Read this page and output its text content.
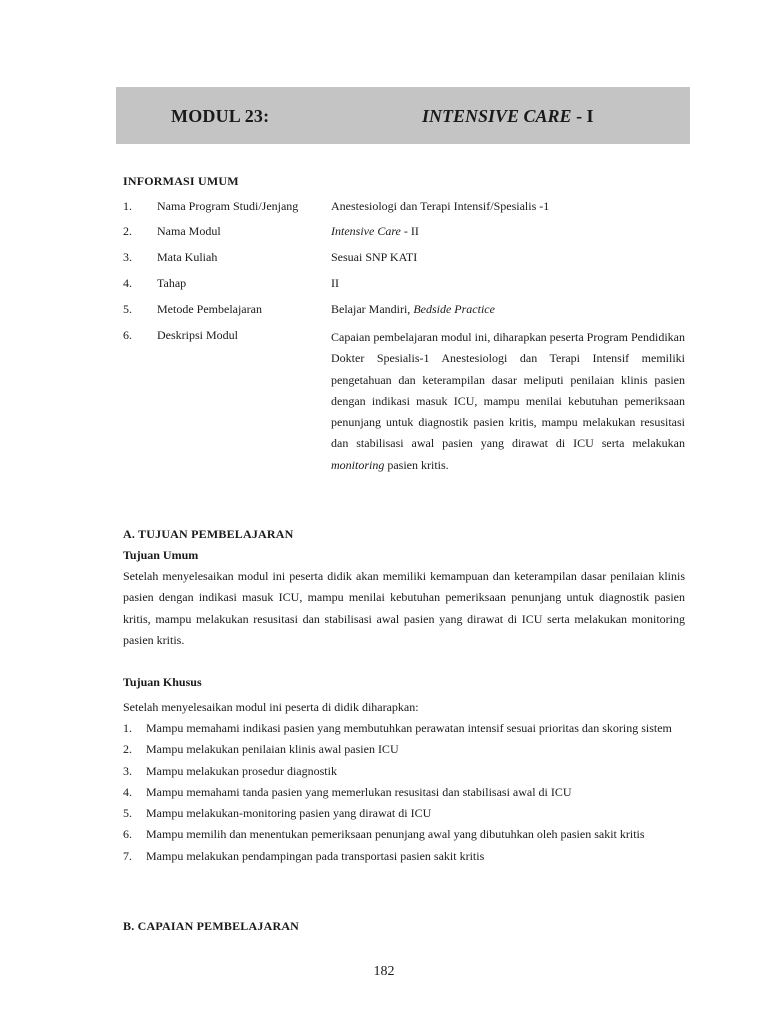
MODUL 23:	INTENSIVE CARE - I
INFORMASI UMUM
1. Nama Program Studi/Jenjang	Anestesiologi dan Terapi Intensif/Spesialis -1
2. Nama Modul	Intensive Care - II
3. Mata Kuliah	Sesuai SNP KATI
4. Tahap	II
5. Metode Pembelajaran	Belajar Mandiri, Bedside Practice
6. Deskripsi Modul	Capaian pembelajaran modul ini, diharapkan peserta Program Pendidikan Dokter Spesialis-1 Anestesiologi dan Terapi Intensif memiliki pengetahuan dan keterampilan dasar meliputi penilaian klinis pasien dengan indikasi masuk ICU, mampu menilai kebutuhan pemeriksaan penunjang untuk diagnostik pasien kritis, mampu melakukan resusitasi dan stabilisasi awal pasien yang dirawat di ICU serta melakukan monitoring pasien kritis.
A. TUJUAN PEMBELAJARAN
Tujuan Umum
Setelah menyelesaikan modul ini peserta didik akan memiliki kemampuan dan keterampilan dasar penilaian klinis pasien dengan indikasi masuk ICU, mampu menilai kebutuhan pemeriksaan penunjang untuk diagnostik pasien kritis, mampu melakukan resusitasi dan stabilisasi awal pasien yang dirawat di ICU serta melakukan monitoring pasien kritis.
Tujuan Khusus
Setelah menyelesaikan modul ini peserta di didik diharapkan:
1. Mampu memahami indikasi pasien yang membutuhkan perawatan intensif sesuai prioritas dan skoring sistem
2. Mampu melakukan penilaian klinis awal pasien ICU
3. Mampu melakukan prosedur diagnostik
4. Mampu memahami tanda pasien yang memerlukan resusitasi dan stabilisasi awal di ICU
5. Mampu melakukan-monitoring pasien yang dirawat di ICU
6. Mampu memilih dan menentukan pemeriksaan penunjang awal yang dibutuhkan oleh pasien sakit kritis
7. Mampu melakukan pendampingan pada transportasi pasien sakit kritis
B. CAPAIAN PEMBELAJARAN
182
